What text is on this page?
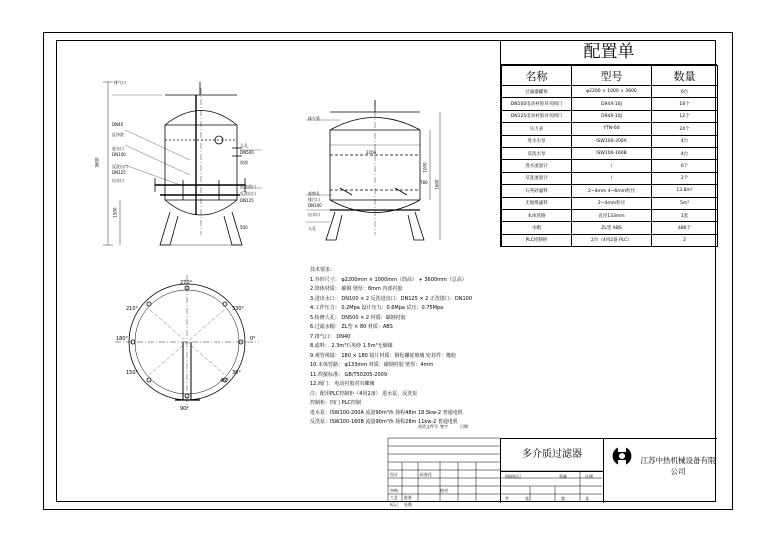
排气口
DN40
反冲洗
进水口
DN100
反洗出口
DN125
出水口
人孔
DN500
视镜
反洗进口
反洗出口
DN125
3600
2200
1000
1500
780 1600
500
排气管
观察孔
排污口
DN100
出水口
人孔
270°
210°	330°
180°	0°
150°	30°
45°
90°
配置单
名称	型号	数量
过滤器罐体	φ2200 × 1000 × 3600	6台
DN100电动衬胶对夹阀门	D94X-10J	18个
DN125电动衬胶对夹阀门	D94X-10J	12个
压力表	YTN-60	24个
进水水泵	ISW100-200A	4台
反洗水泵	ISW100-160B	4台
进水流量计	/	6个
反洗流量计	/	2个
石英砂滤料	2~4mm 4~6mm粒径	13.8m³
无烟煤滤料	2~4mm粒径	5m³
本体管路	直径133mm	1套
水帽	ZL型 ABS	480个
PLC控制柜	2台（4用2备 PLC）	2
技术要求：
1.外形尺寸： φ2200mm × 1000mm（筒高） + 3600mm（总高）
2.筒体材质： 碳钢 壁厚：8mm 内部衬胶
3.进出水口： DN100 × 2 反洗进出口：DN125 × 2 正洗排口：DN100
4.工作压力： 0.2Mpa 设计压力：0.6Mpa 试压：0.75Mpa
5.检修人孔： DN500 × 2 材质：碳钢衬胶
6.过滤水帽： ZL型 × 80 材质：ABS
7.排气口： DN40
8.滤料： 2.3m³石英砂 1.5m³无烟煤
9.观管视镜： 180 × 180 镜片材质：钢化硼硅玻璃 密封件：橡胶
10.本体管路： φ133mm 材质：碳钢衬胶 壁厚：4mm
11.焊接标准： GB/T50205-2009
12.阀门： 电动衬胶对夹蝶阀
注：配用PLC控制柜（4用2备） 进水泵，反洗泵
控制柜：四门 PLC控制
进水泵：ISW100-200A 流量90m³/h 扬程48m 18.5kw-2 普通电机
反洗泵：ISW100-160B 流量90m³/h 扬程28m 11kw-2 普通电机
标记 处数
更改文件号 签字	日期
设计	标准化
审核
工艺 批准
校对
多介质过滤器
江苏中热机械设备有限公司
图样标记	重量	比例
共	张	第	张
